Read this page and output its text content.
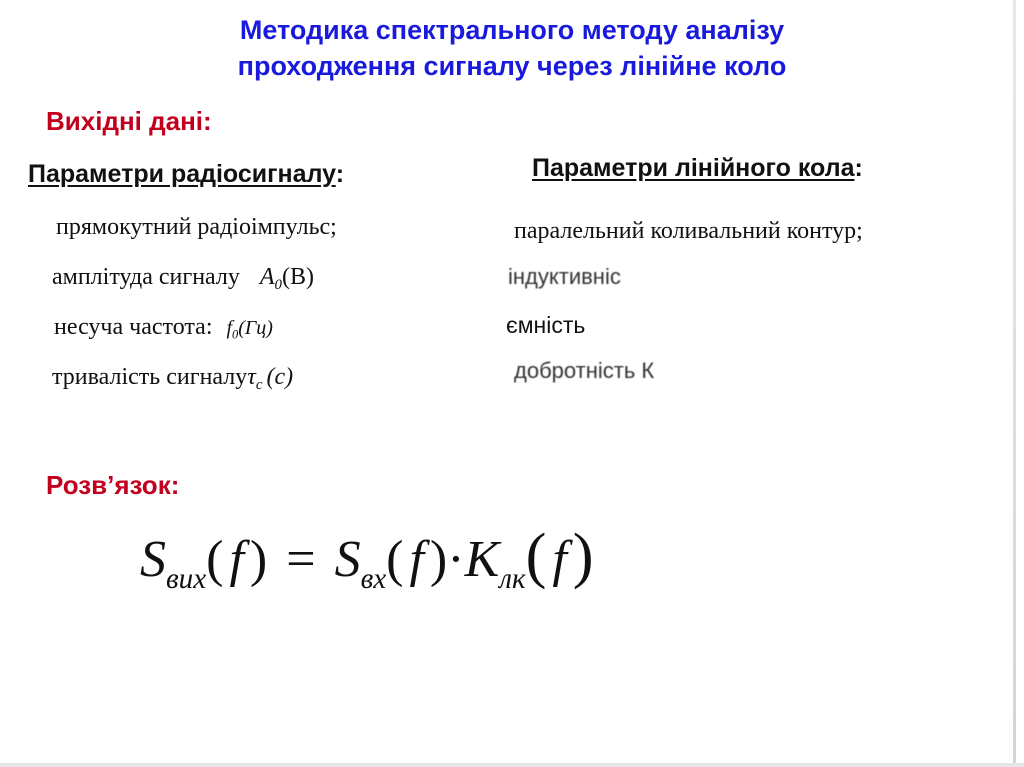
Методика спектрального методу аналізу
проходження сигналу через лінійне коло
Вихідні дані:
Параметри радіосигналу:	Параметри лінійного кола:
прямокутний радіоімпульс;
амплітуда сигналу $A_0(B)$
несуча частота: $f_0(Гц)$
тривалість сигналуτ$_c$ (c)
паралельний коливальний контур;
індуктивніс
ємність
добротність К
Розв’язок:
$S_{вих}$( f ) = $S_{вх}$( f )$\cdot K_{лк}$( f)
